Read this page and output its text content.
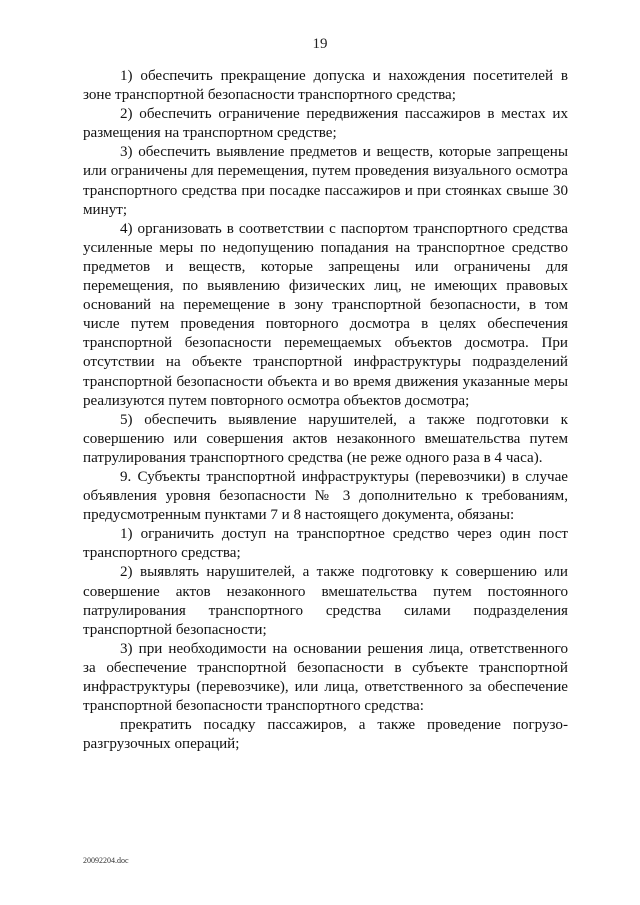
19

1) обеспечить прекращение допуска и нахождения посетителей в зоне транспортной безопасности транспортного средства;

2) обеспечить ограничение передвижения пассажиров в местах их размещения на транспортном средстве;

3) обеспечить выявление предметов и веществ, которые запрещены или ограничены для перемещения, путем проведения визуального осмотра транспортного средства при посадке пассажиров и при стоянках свыше 30 минут;

4) организовать в соответствии с паспортом транспортного средства усиленные меры по недопущению попадания на транспортное средство предметов и веществ, которые запрещены или ограничены для перемещения, по выявлению физических лиц, не имеющих правовых оснований на перемещение в зону транспортной безопасности, в том числе путем проведения повторного досмотра в целях обеспечения транспортной безопасности перемещаемых объектов досмотра. При отсутствии на объекте транспортной инфраструктуры подразделений транспортной безопасности объекта и во время движения указанные меры реализуются путем повторного осмотра объектов досмотра;

5) обеспечить выявление нарушителей, а также подготовки к совершению или совершения актов незаконного вмешательства путем патрулирования транспортного средства (не реже одного раза в 4 часа).

9. Субъекты транспортной инфраструктуры (перевозчики) в случае объявления уровня безопасности № 3 дополнительно к требованиям, предусмотренным пунктами 7 и 8 настоящего документа, обязаны:

1) ограничить доступ на транспортное средство через один пост транспортного средства;

2) выявлять нарушителей, а также подготовку к совершению или совершение актов незаконного вмешательства путем постоянного патрулирования транспортного средства силами подразделения транспортной безопасности;

3) при необходимости на основании решения лица, ответственного за обеспечение транспортной безопасности в субъекте транспортной инфраструктуры (перевозчике), или лица, ответственного за обеспечение транспортной безопасности транспортного средства:

прекратить посадку пассажиров, а также проведение погрузо-разгрузочных операций;

20092204.doc
